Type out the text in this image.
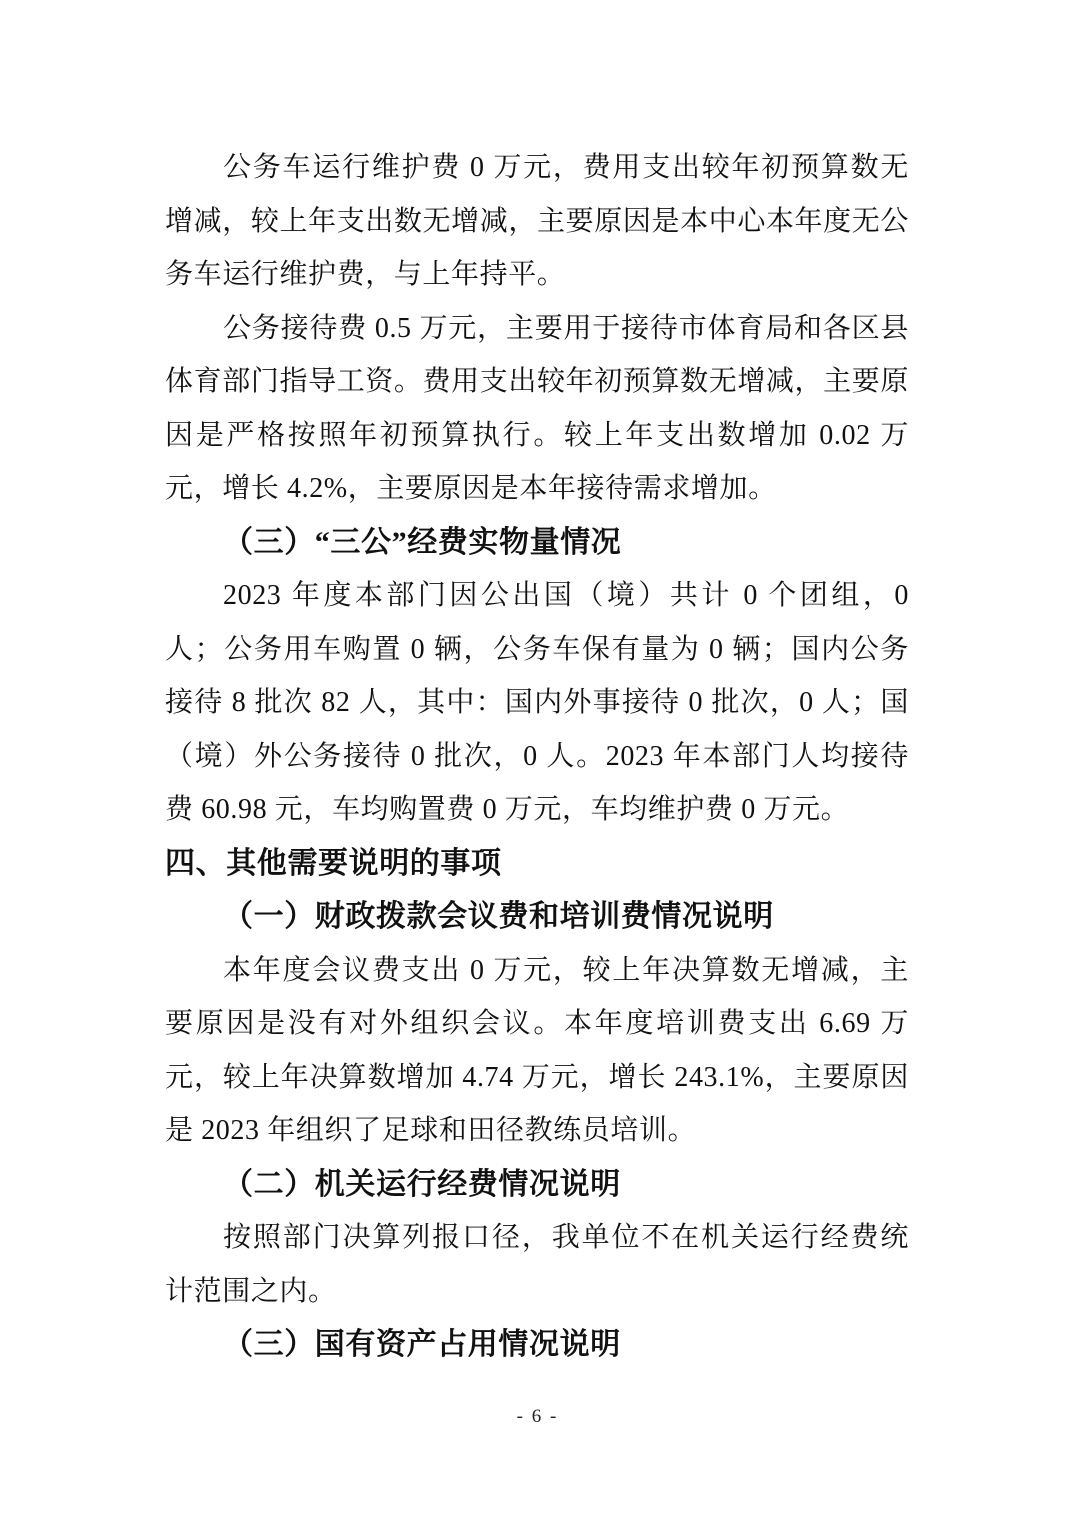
公务车运行维护费 0 万元，费用支出较年初预算数无增减，较上年支出数无增减，主要原因是本中心本年度无公务车运行维护费，与上年持平。

公务接待费 0.5 万元，主要用于接待市体育局和各区县体育部门指导工资。费用支出较年初预算数无增减，主要原因是严格按照年初预算执行。较上年支出数增加 0.02 万元，增长 4.2%，主要原因是本年接待需求增加。

（三）“三公”经费实物量情况

2023 年度本部门因公出国（境）共计 0 个团组，0 人；公务用车购置 0 辆，公务车保有量为 0 辆；国内公务接待 8 批次 82 人，其中：国内外事接待 0 批次，0 人；国（境）外公务接待 0 批次，0 人。2023 年本部门人均接待费 60.98 元，车均购置费 0 万元，车均维护费 0 万元。

四、其他需要说明的事项

（一）财政拨款会议费和培训费情况说明

本年度会议费支出 0 万元，较上年决算数无增减，主要原因是没有对外组织会议。本年度培训费支出 6.69 万元，较上年决算数增加 4.74 万元，增长 243.1%，主要原因是 2023 年组织了足球和田径教练员培训。

（二）机关运行经费情况说明

按照部门决算列报口径，我单位不在机关运行经费统计范围之内。

（三）国有资产占用情况说明

- 6 -
